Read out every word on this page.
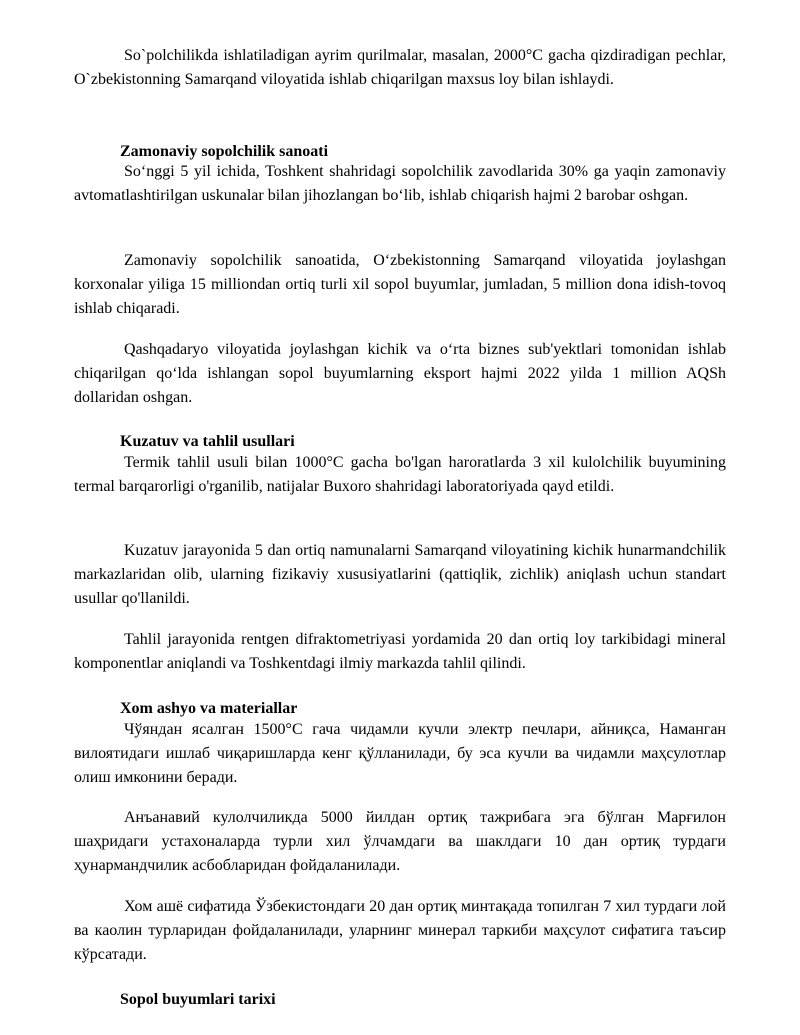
So`polchilikda ishlatiladigan ayrim qurilmalar, masalan, 2000°C gacha qizdiradigan pechlar, O`zbekistonning Samarqand viloyatida ishlab chiqarilgan maxsus loy bilan ishlaydi.

Zamonaviy sopolchilik sanoati

So‘nggi 5 yil ichida, Toshkent shahridagi sopolchilik zavodlarida 30% ga yaqin zamonaviy avtomatlashtirilgan uskunalar bilan jihozlangan bo‘lib, ishlab chiqarish hajmi 2 barobar oshgan.

Zamonaviy sopolchilik sanoatida, O‘zbekistonning Samarqand viloyatida joylashgan korxonalar yiliga 15 milliondan ortiq turli xil sopol buyumlar, jumladan, 5 million dona idish-tovoq ishlab chiqaradi.

Qashqadaryo viloyatida joylashgan kichik va o‘rta biznes sub'yektlari tomonidan ishlab chiqarilgan qo‘lda ishlangan sopol buyumlarning eksport hajmi 2022 yilda 1 million AQSh dollaridan oshgan.

Kuzatuv va tahlil usullari

Termik tahlil usuli bilan 1000°C gacha bo'lgan haroratlarda 3 xil kulolchilik buyumining termal barqarorligi o'rganilib, natijalar Buxoro shahridagi laboratoriyada qayd etildi.

Kuzatuv jarayonida 5 dan ortiq namunalarni Samarqand viloyatining kichik hunarmandchilik markazlaridan olib, ularning fizikaviy xususiyatlarini (qattiqlik, zichlik) aniqlash uchun standart usullar qo'llanildi.

Tahlil jarayonida rentgen difraktometriyasi yordamida 20 dan ortiq loy tarkibidagi mineral komponentlar aniqlandi va Toshkentdagi ilmiy markazda tahlil qilindi.

Xom ashyo va materiallar

Чўяндан ясалган 1500°С гача чидамли кучли электр печлари, айниқса, Наманган вилоятидаги ишлаб чиқаришларда кенг қўлланилади, бу эса кучли ва чидамли маҳсулотлар олиш имконини беради.

Анъанавий кулолчиликда 5000 йилдан ортиқ тажрибага эга бўлган Марғилон шаҳридаги устахоналарда турли хил ўлчамдаги ва шаклдаги 10 дан ортиқ турдаги ҳунармандчилик асбобларидан фойдаланилади.

Хом ашё сифатида Ўзбекистондаги 20 дан ортиқ минтақада топилган 7 хил турдаги лой ва каолин турларидан фойдаланилади, уларнинг минерал таркиби маҳсулот сифатига таъсир кўрсатади.

Sopol buyumlari tarixi
